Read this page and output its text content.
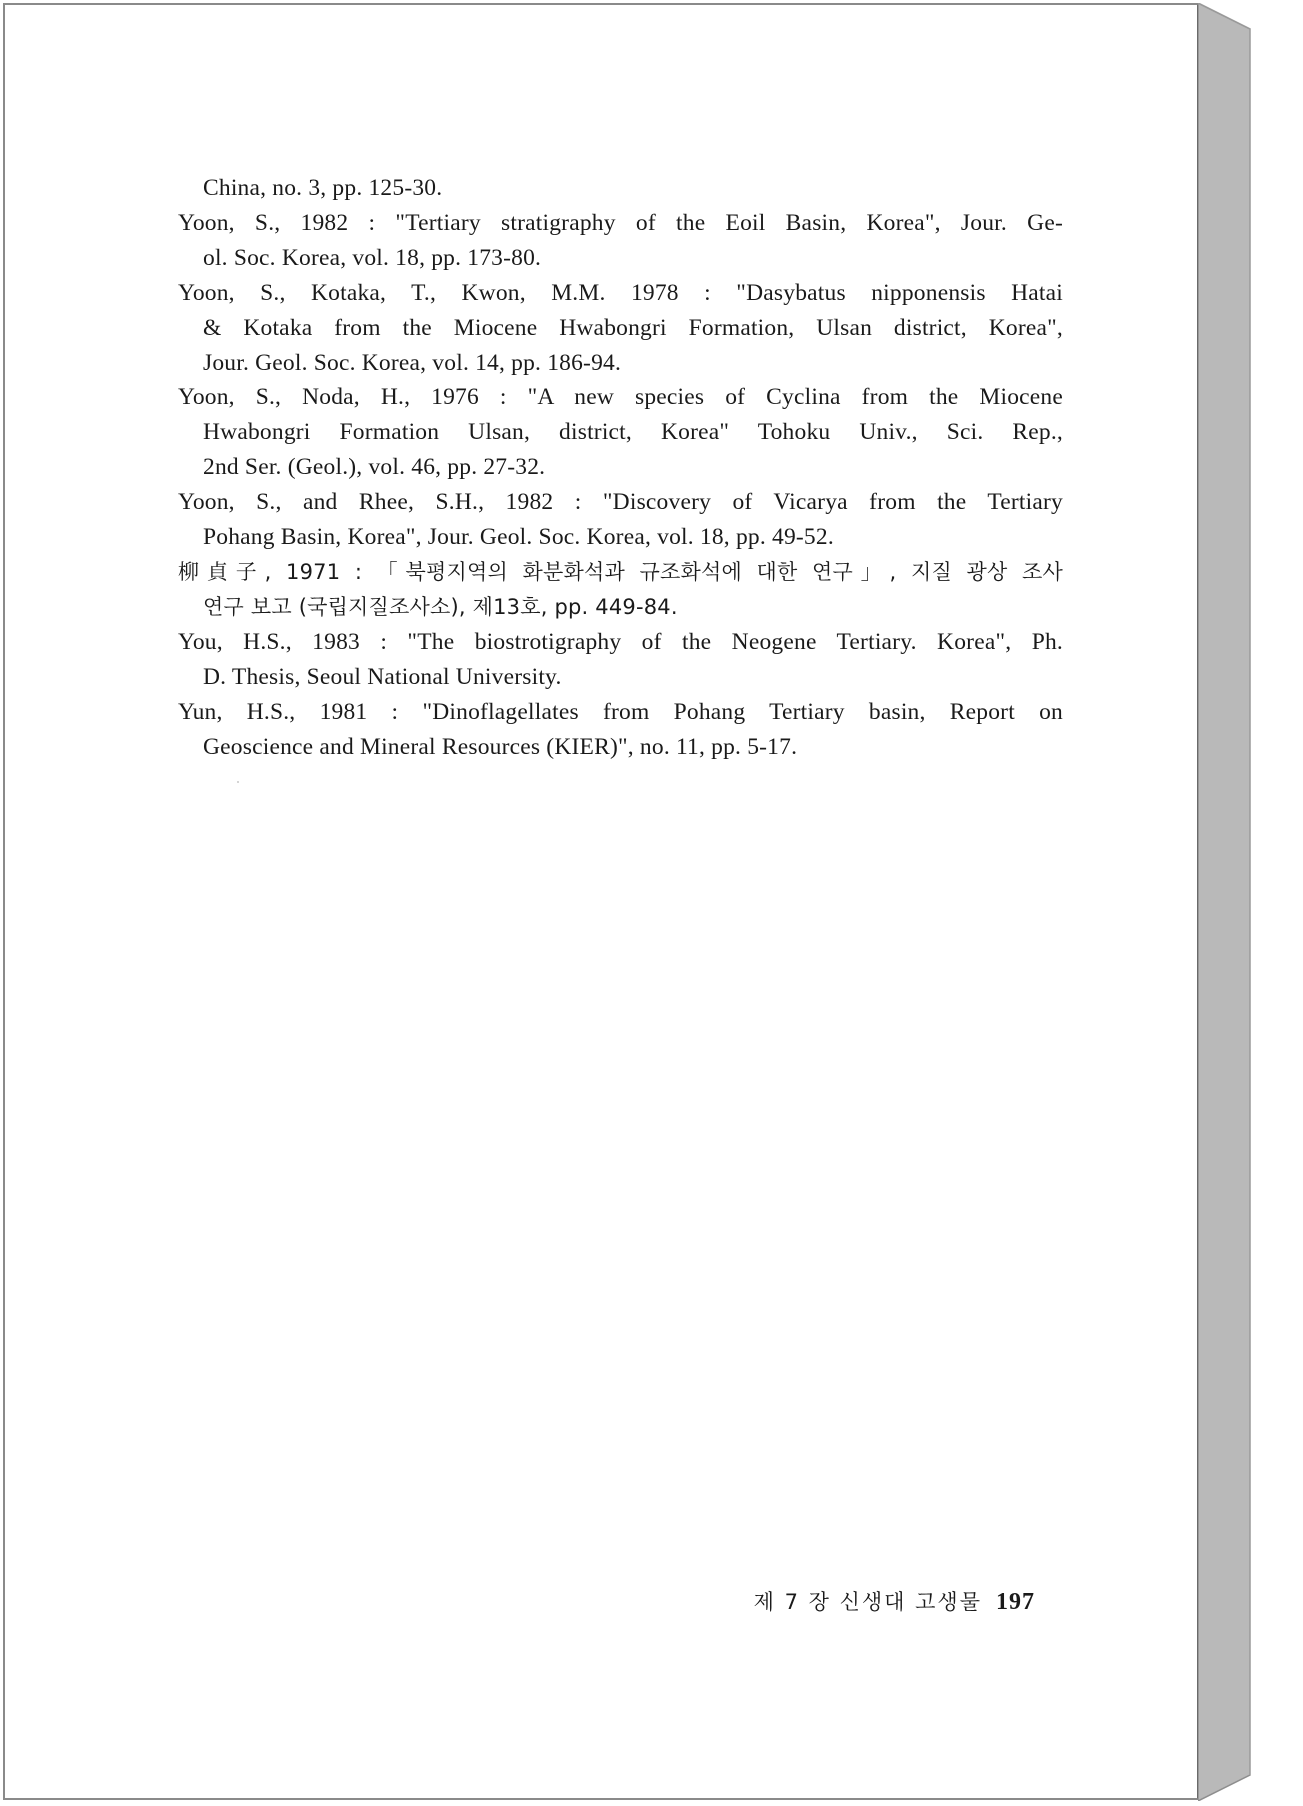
China, no. 3, pp. 125-30.
Yoon, S., 1982 : "Tertiary stratigraphy of the Eoil Basin, Korea", Jour. Ge-
ol. Soc. Korea, vol. 18, pp. 173-80.
Yoon, S., Kotaka, T., Kwon, M.M. 1978 : "Dasybatus nipponensis Hatai
& Kotaka from the Miocene Hwabongri Formation, Ulsan district, Korea",
Jour. Geol. Soc. Korea, vol. 14, pp. 186-94.
Yoon, S., Noda, H., 1976 : "A new species of Cyclina from the Miocene
Hwabongri Formation Ulsan, district, Korea" Tohoku Univ., Sci. Rep.,
2nd Ser. (Geol.), vol. 46, pp. 27-32.
Yoon, S., and Rhee, S.H., 1982 : "Discovery of Vicarya from the Tertiary
Pohang Basin, Korea", Jour. Geol. Soc. Korea, vol. 18, pp. 49-52.
柳貞子, 1971 : 「북평지역의 화분화석과 규조화석에 대한 연구」, 지질 광상 조사
연구 보고 (국립지질조사소), 제13호, pp. 449-84.
You, H.S., 1983 : "The biostrotigraphy of the Neogene Tertiary. Korea", Ph.
D. Thesis, Seoul National University.
Yun, H.S., 1981 : "Dinoflagellates from Pohang Tertiary basin, Report on
Geoscience and Mineral Resources (KIER)", no. 11, pp. 5-17.
제 7 장 신생대 고생물 197
